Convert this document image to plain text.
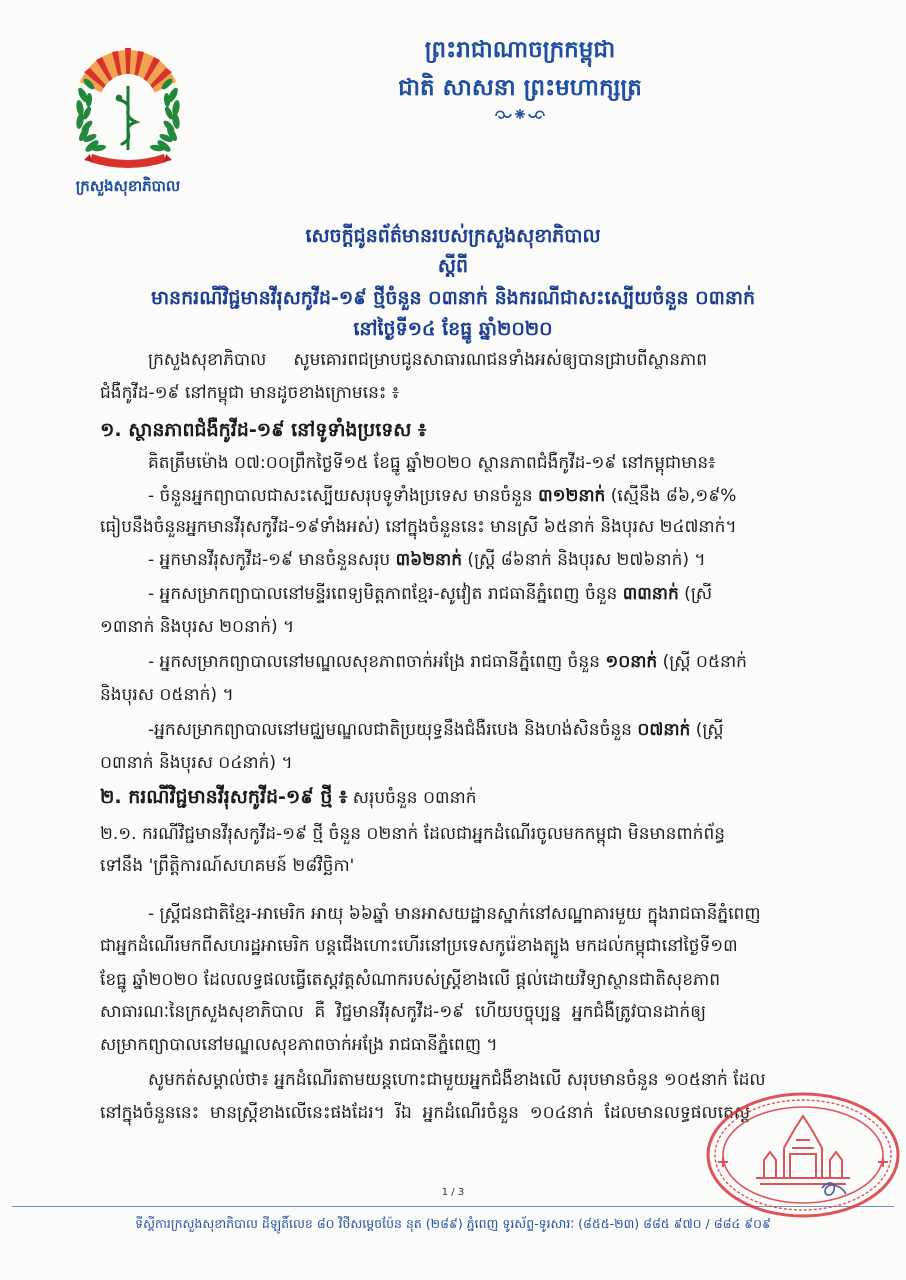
ក្រសួងសុខាភិបាល
ព្រះរាជាណាចក្រកម្ពុជា
ជាតិ សាសនា ព្រះមហាក្សត្រ
សេចក្តីជូនព័ត៌មានរបស់ក្រសួងសុខាភិបាល
ស្តីពី
មានករណីវិជ្ជមានវីរុសកូវីដ-១៩ ថ្មីចំនួន ០៣នាក់ និងករណីជាសះស្បើយចំនួន ០៣នាក់
នៅថ្ងៃទី១៤ ខែធ្នូ ឆ្នាំ២០២០
ក្រសួងសុខាភិបាល     សូមគោរពជម្រាបជូនសាធារណជនទាំងអស់ឲ្យបានជ្រាបពីស្ថានភាព
ជំងឺកូវីដ-១៩ នៅកម្ពុជា មានដូចខាងក្រោមនេះ ៖
១. ស្ថានភាពជំងឺកូវីដ-១៩ នៅទូទាំងប្រទេស ៖
គិតត្រឹមម៉ោង ០៧:០០ព្រឹកថ្ងៃទី១៥ ខែធ្នូ ឆ្នាំ២០២០ ស្ថានភាពជំងឺកូវីដ-១៩ នៅកម្ពុជាមាន៖
- ចំនួនអ្នកព្យាបាលជាសះស្បើយសរុបទូទាំងប្រទេស មានចំនួន ៣១២នាក់ (ស្មើនឹង ៨៦,១៩%
ធៀបនឹងចំនួនអ្នកមានវីរុសកូវីដ-១៩ទាំងអស់) នៅក្នុងចំនួននេះ មានស្រី ៦៥នាក់ និងបុរស ២៤៧នាក់។
- អ្នកមានវីរុសកូវីដ-១៩ មានចំនួនសរុប ៣៦២នាក់ (ស្ត្រី ៨៦នាក់ និងបុរស ២៧៦នាក់) ។
- អ្នកសម្រាកព្យាបាលនៅមន្ទីរពេទ្យមិត្តភាពខ្មែរ-សូវៀត រាជធានីភ្នំពេញ ចំនួន ៣៣នាក់ (ស្រី
១៣នាក់ និងបុរស ២០នាក់) ។
- អ្នកសម្រាកព្យាបាលនៅមណ្ឌលសុខភាពចាក់អង្រែ រាជធានីភ្នំពេញ ចំនួន ១០នាក់ (ស្ត្រី ០៥នាក់
និងបុរស ០៥នាក់) ។
-អ្នកសម្រាកព្យាបាលនៅមជ្ឈមណ្ឌលជាតិប្រយុទ្ធនឹងជំងឺរបេង និងហង់សិនចំនួន ០៧នាក់ (ស្ត្រី
០៣នាក់ និងបុរស ០៤នាក់) ។
២. ករណីវិជ្ជមានវីរុសកូវីដ-១៩ ថ្មី ៖ សរុបចំនួន ០៣នាក់
២.១. ករណីវិជ្ជមានវីរុសកូវីដ-១៩ ថ្មី ចំនួន ០២នាក់ ដែលជាអ្នកដំណើរចូលមកកម្ពុជា មិនមានពាក់ព័ន្ធ
ទៅនឹង 'ព្រឹត្តិការណ៍សហគមន៍ ២៨វិច្ឆិកា'
- ស្ត្រីជនជាតិខ្មែរ-អាមេរិក អាយុ ៦៦ឆ្នាំ មានអាសយដ្ឋានស្នាក់នៅសណ្ឋាគារមួយ ក្នុងរាជធានីភ្នំពេញ
ជាអ្នកដំណើរមកពីសហរដ្ឋអាមេរិក បន្តជើងហោះហើរនៅប្រទេសកូរ៉េខាងត្បូង មកដល់កម្ពុជានៅថ្ងៃទី១៣
ខែធ្នូ ឆ្នាំ២០២០ ដែលលទ្ធផលធ្វើតេស្តវត្តសំណាករបស់ស្ត្រីខាងលើ ផ្តល់ដោយវិទ្យាស្ថានជាតិសុខភាព
សាធារណៈនៃក្រសួងសុខាភិបាល  គឺ  វិជ្ជមានវីរុសកូវីដ-១៩  ហើយបច្ចុប្បន្ន  អ្នកជំងឺត្រូវបានដាក់ឲ្យ
សម្រាកព្យាបាលនៅមណ្ឌលសុខភាពចាក់អង្រែ រាជធានីភ្នំពេញ ។
សូមកត់សម្គាល់ថា៖ អ្នកដំណើរតាមយន្តហោះជាមួយអ្នកជំងឺខាងលើ សរុបមានចំនួន ១០៥នាក់ ដែល
នៅក្នុងចំនួននេះ  មានស្ត្រីខាងលើនេះផងដែរ។  រីឯ  អ្នកដំណើរចំនួន  ១០៤នាក់  ដែលមានលទ្ធផលតេស្ត
1 / 3
ទីស្តីការក្រសួងសុខាភិបាល ដីឡូតិ៍លេខ ៨០ វិថីសម្តេចប៉ែន នុត (២៨៩) ភ្នំពេញ ទូរស័ព្ទ-ទូរសារៈ (៨៥៥-២៣) ៨៨៥ ៩៧០ / ៨៨៤ ៩០៩
